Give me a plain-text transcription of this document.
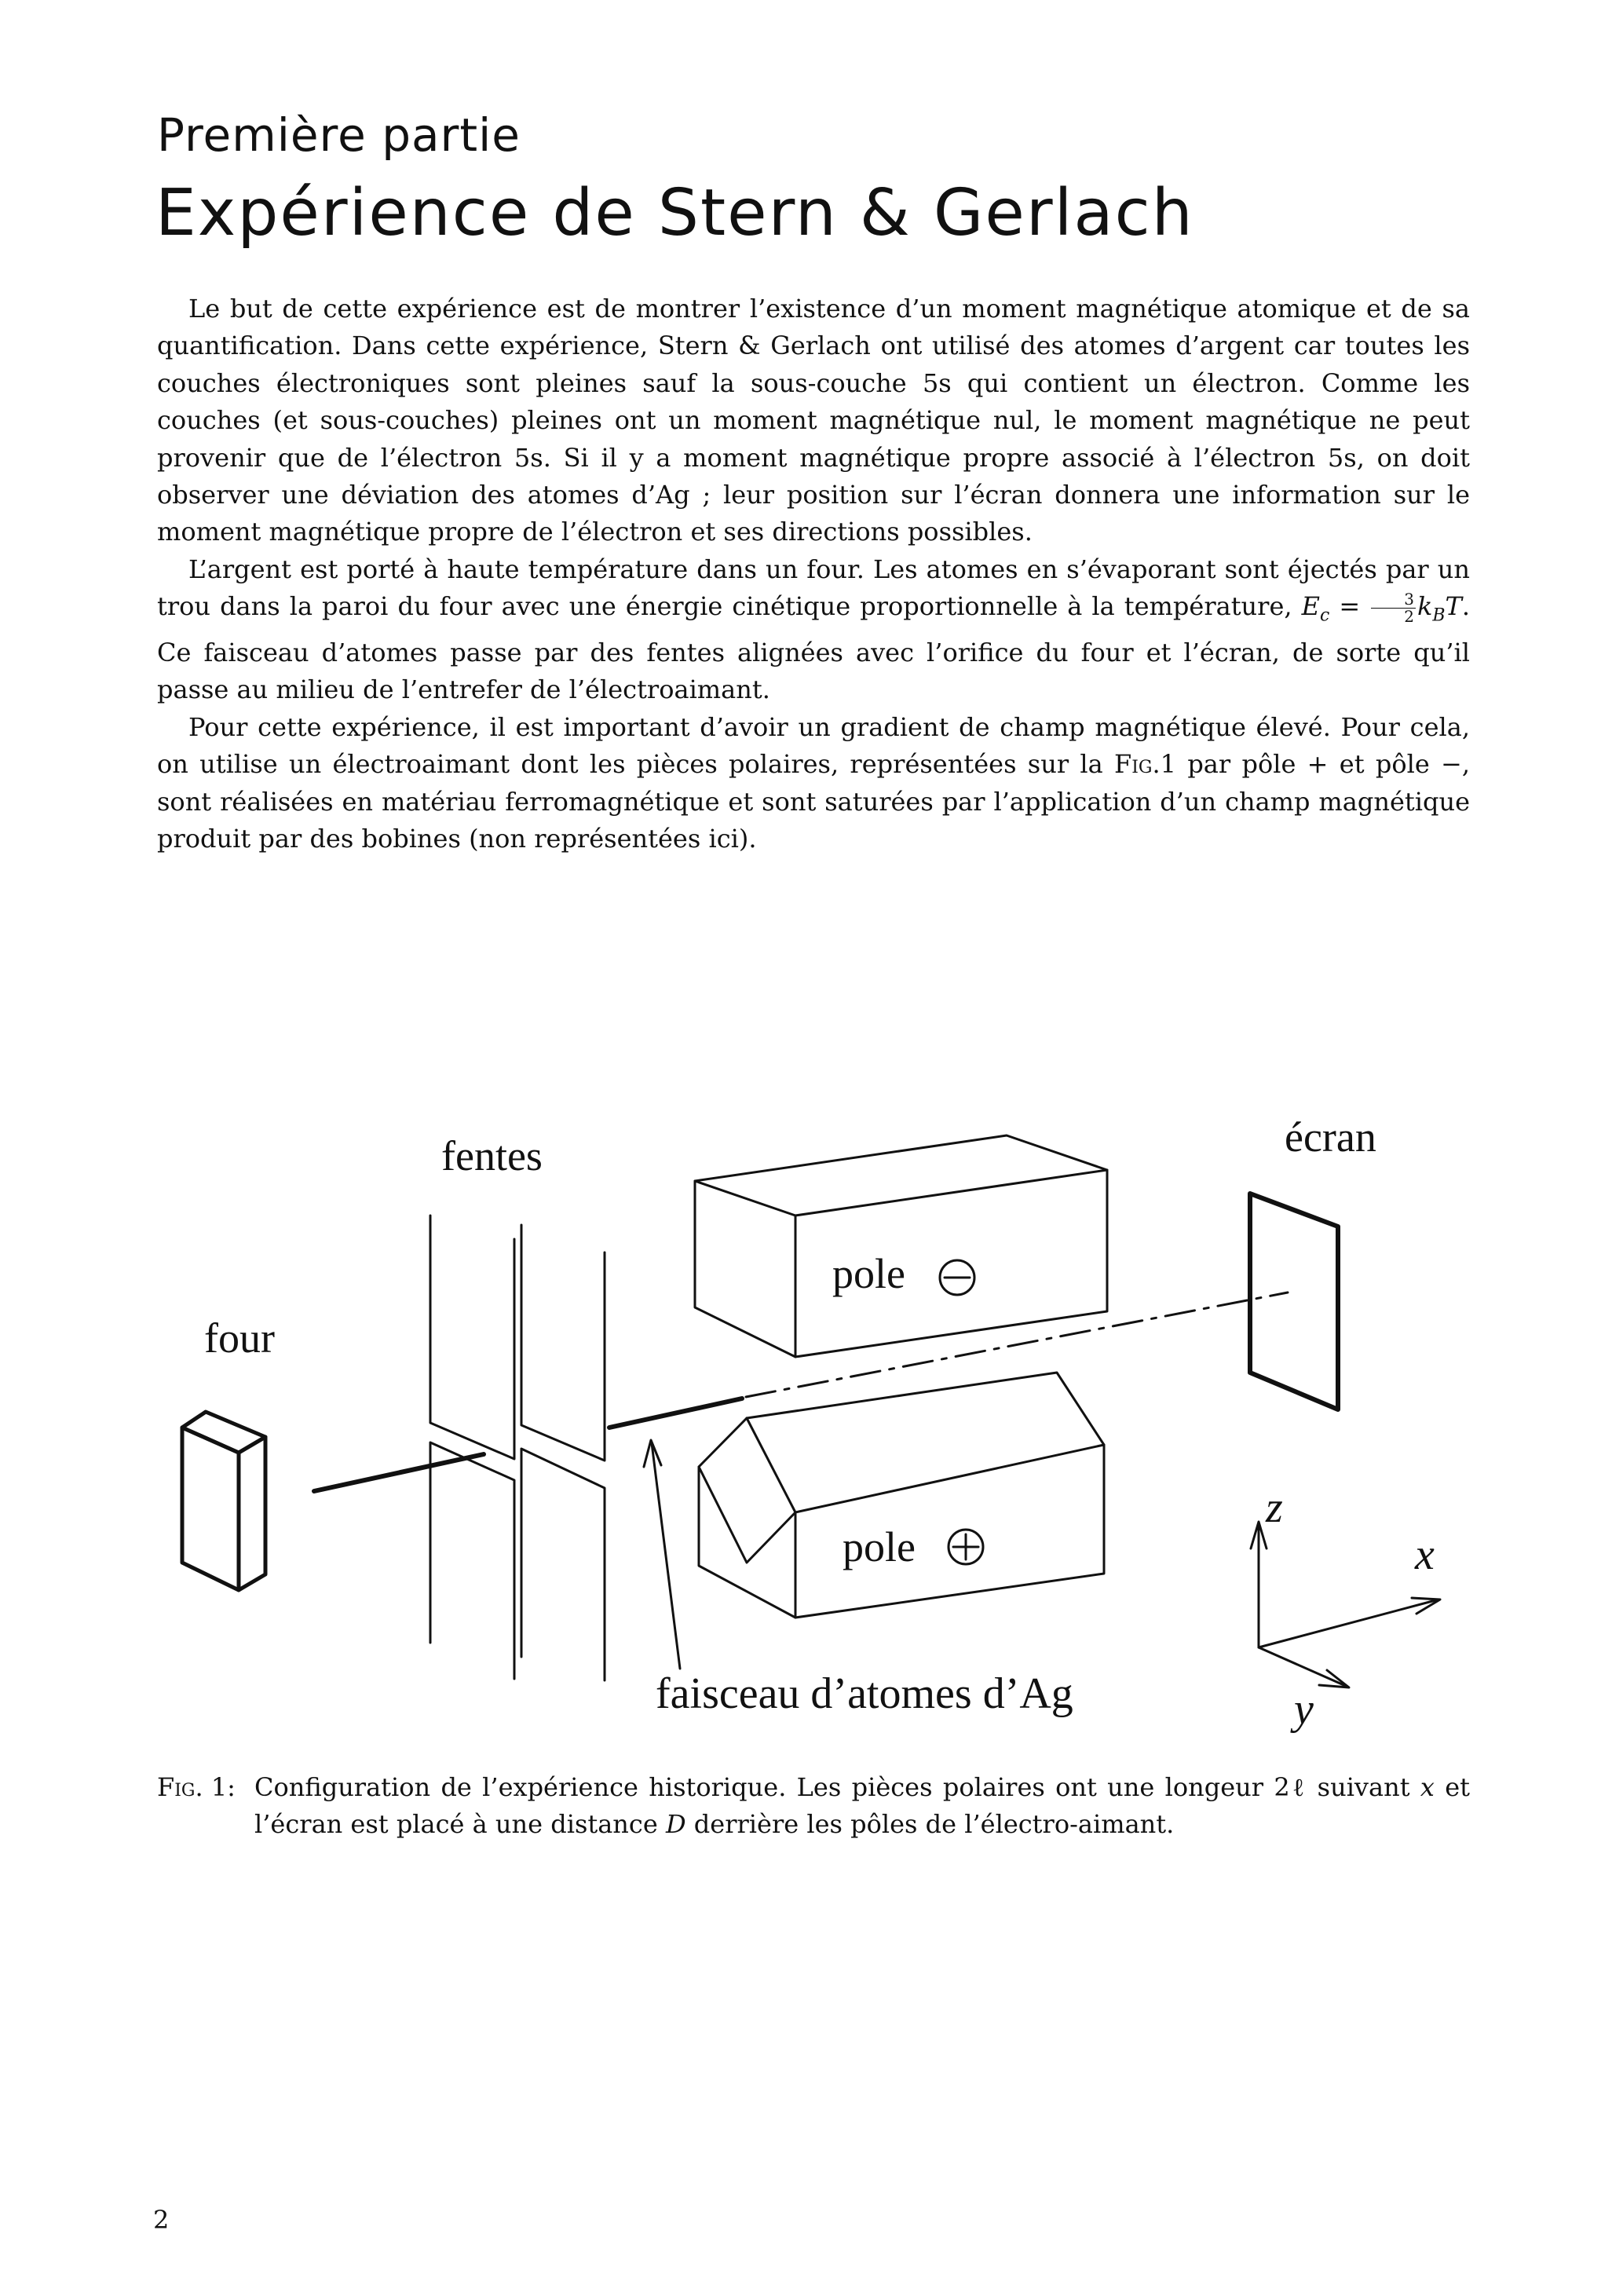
Première partie
Expérience de Stern & Gerlach

Le but de cette expérience est de montrer l’existence d’un moment magnétique atomique et de sa quantification. Dans cette expérience, Stern & Gerlach ont utilisé des atomes d’argent car toutes les couches électroniques sont pleines sauf la sous-couche 5s qui contient un électron. Comme les couches (et sous-couches) pleines ont un moment magnétique nul, le moment magnétique ne peut provenir que de l’électron 5s. Si il y a moment magnétique propre associé à l’électron 5s, on doit observer une déviation des atomes d’Ag ; leur position sur l’écran donnera une information sur le moment magnétique propre de l’électron et ses directions possibles.

L’argent est porté à haute température dans un four. Les atomes en s’évaporant sont éjectés par un trou dans la paroi du four avec une énergie cinétique proportionnelle à la température, $E_c = \frac{3}{2} k_BT$. Ce faisceau d’atomes passe par des fentes alignées avec l’orifice du four et l’écran, de sorte qu’il passe au milieu de l’entrefer de l’électroaimant.

Pour cette expérience, il est important d’avoir un gradient de champ magnétique élevé. Pour cela, on utilise un électroaimant dont les pièces polaires, représentées sur la Fig.1 par pôle + et pôle −, sont réalisées en matériau ferromagnétique et sont saturées par l’application d’un champ magnétique produit par des bobines (non représentées ici).

fentes	écran
four
pole
pole
faisceau d’atomes d’Ag
z
x
y
Fig. 1: Configuration de l’expérience historique. Les pièces polaires ont une longeur 2ℓ suivant x et l’écran est placé à une distance D derrière les pôles de l’électro-aimant.
2
